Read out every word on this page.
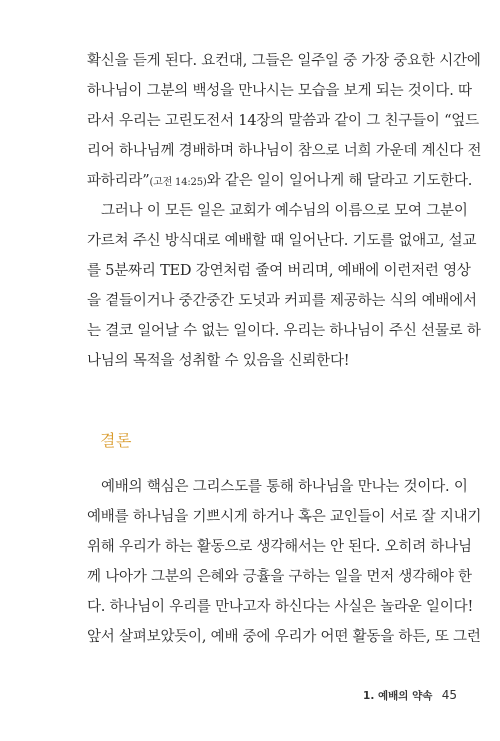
확신을 듣게 된다. 요컨대, 그들은 일주일 중 가장 중요한 시간에
하나님이 그분의 백성을 만나시는 모습을 보게 되는 것이다. 따
라서 우리는 고린도전서 14장의 말씀과 같이 그 친구들이 “엎드
리어 하나님께 경배하며 하나님이 참으로 너희 가운데 계신다 전
파하리라”(고전 14:25)와 같은 일이 일어나게 해 달라고 기도한다.
그러나 이 모든 일은 교회가 예수님의 이름으로 모여 그분이
가르쳐 주신 방식대로 예배할 때 일어난다. 기도를 없애고, 설교
를 5분짜리 TED 강연처럼 줄여 버리며, 예배에 이런저런 영상
을 곁들이거나 중간중간 도넛과 커피를 제공하는 식의 예배에서
는 결코 일어날 수 없는 일이다. 우리는 하나님이 주신 선물로 하
나님의 목적을 성취할 수 있음을 신뢰한다!
결론
예배의 핵심은 그리스도를 통해 하나님을 만나는 것이다. 이
예배를 하나님을 기쁘시게 하거나 혹은 교인들이 서로 잘 지내기
위해 우리가 하는 활동으로 생각해서는 안 된다. 오히려 하나님
께 나아가 그분의 은혜와 긍휼을 구하는 일을 먼저 생각해야 한
다. 하나님이 우리를 만나고자 하신다는 사실은 놀라운 일이다!
앞서 살펴보았듯이, 예배 중에 우리가 어떤 활동을 하든, 또 그런
1. 예배의 약속 45
